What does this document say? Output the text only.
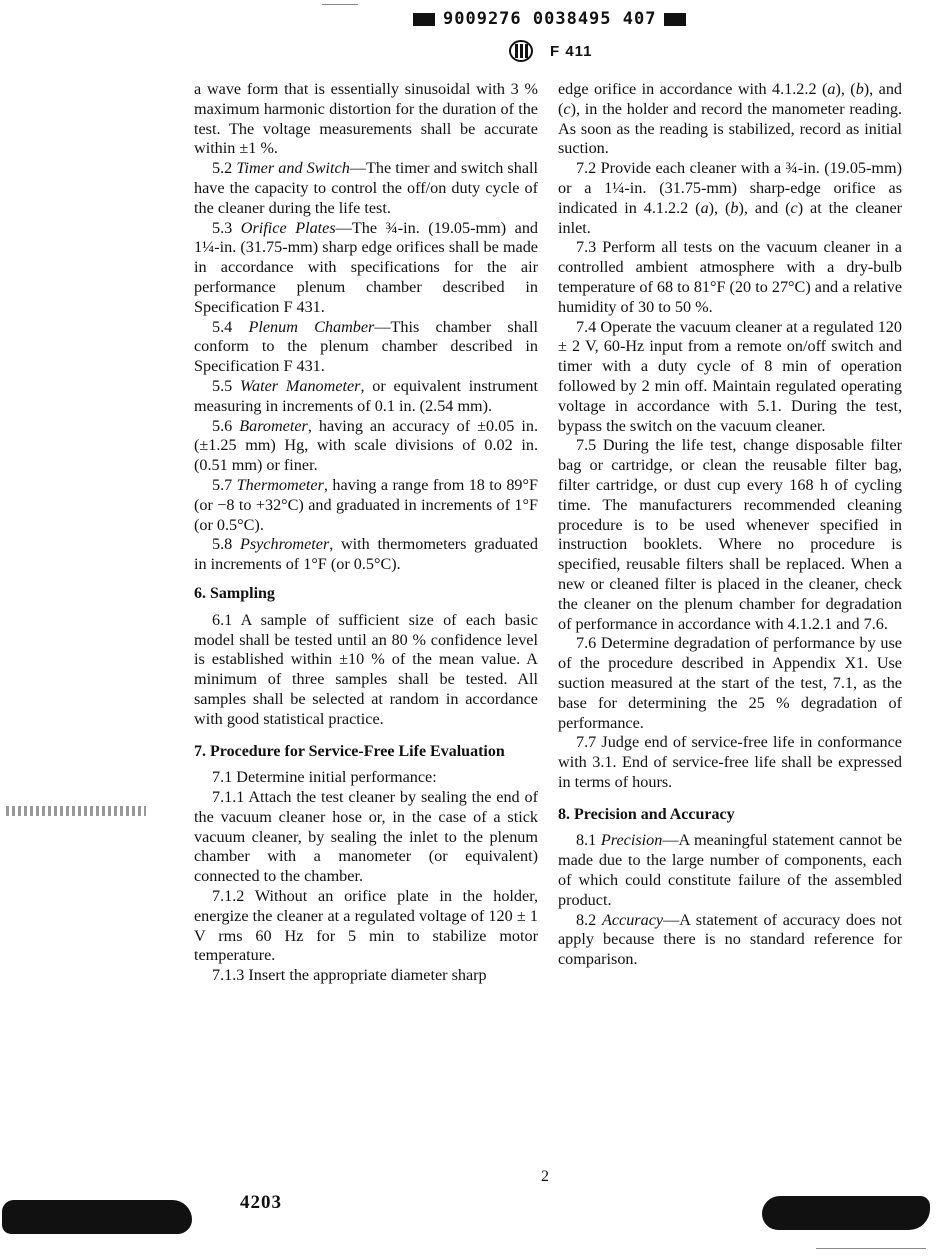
9009276 0038495 407
F 411

a wave form that is essentially sinusoidal with 3 % maximum harmonic distortion for the duration of the test. The voltage measurements shall be accurate within ±1 %.

5.2 Timer and Switch—The timer and switch shall have the capacity to control the off/on duty cycle of the cleaner during the life test.

5.3 Orifice Plates—The ¾-in. (19.05-mm) and 1¼-in. (31.75-mm) sharp edge orifices shall be made in accordance with specifications for the air performance plenum chamber described in Specification F 431.

5.4 Plenum Chamber—This chamber shall conform to the plenum chamber described in Specification F 431.

5.5 Water Manometer, or equivalent instrument measuring in increments of 0.1 in. (2.54 mm).

5.6 Barometer, having an accuracy of ±0.05 in. (±1.25 mm) Hg, with scale divisions of 0.02 in. (0.51 mm) or finer.

5.7 Thermometer, having a range from 18 to 89°F (or −8 to +32°C) and graduated in increments of 1°F (or 0.5°C).

5.8 Psychrometer, with thermometers graduated in increments of 1°F (or 0.5°C).

6. Sampling

6.1 A sample of sufficient size of each basic model shall be tested until an 80 % confidence level is established within ±10 % of the mean value. A minimum of three samples shall be tested. All samples shall be selected at random in accordance with good statistical practice.

7. Procedure for Service-Free Life Evaluation

7.1 Determine initial performance:

7.1.1 Attach the test cleaner by sealing the end of the vacuum cleaner hose or, in the case of a stick vacuum cleaner, by sealing the inlet to the plenum chamber with a manometer (or equivalent) connected to the chamber.

7.1.2 Without an orifice plate in the holder, energize the cleaner at a regulated voltage of 120 ± 1 V rms 60 Hz for 5 min to stabilize motor temperature.

7.1.3 Insert the appropriate diameter sharp

edge orifice in accordance with 4.1.2.2 (a), (b), and (c), in the holder and record the manometer reading. As soon as the reading is stabilized, record as initial suction.

7.2 Provide each cleaner with a ¾-in. (19.05-mm) or a 1¼-in. (31.75-mm) sharp-edge orifice as indicated in 4.1.2.2 (a), (b), and (c) at the cleaner inlet.

7.3 Perform all tests on the vacuum cleaner in a controlled ambient atmosphere with a dry-bulb temperature of 68 to 81°F (20 to 27°C) and a relative humidity of 30 to 50 %.

7.4 Operate the vacuum cleaner at a regulated 120 ± 2 V, 60-Hz input from a remote on/off switch and timer with a duty cycle of 8 min of operation followed by 2 min off. Maintain regulated operating voltage in accordance with 5.1. During the test, bypass the switch on the vacuum cleaner.

7.5 During the life test, change disposable filter bag or cartridge, or clean the reusable filter bag, filter cartridge, or dust cup every 168 h of cycling time. The manufacturers recommended cleaning procedure is to be used whenever specified in instruction booklets. Where no procedure is specified, reusable filters shall be replaced. When a new or cleaned filter is placed in the cleaner, check the cleaner on the plenum chamber for degradation of performance in accordance with 4.1.2.1 and 7.6.

7.6 Determine degradation of performance by use of the procedure described in Appendix X1. Use suction measured at the start of the test, 7.1, as the base for determining the 25 % degradation of performance.

7.7 Judge end of service-free life in conformance with 3.1. End of service-free life shall be expressed in terms of hours.

8. Precision and Accuracy

8.1 Precision—A meaningful statement cannot be made due to the large number of components, each of which could constitute failure of the assembled product.

8.2 Accuracy—A statement of accuracy does not apply because there is no standard reference for comparison.

2
4203
